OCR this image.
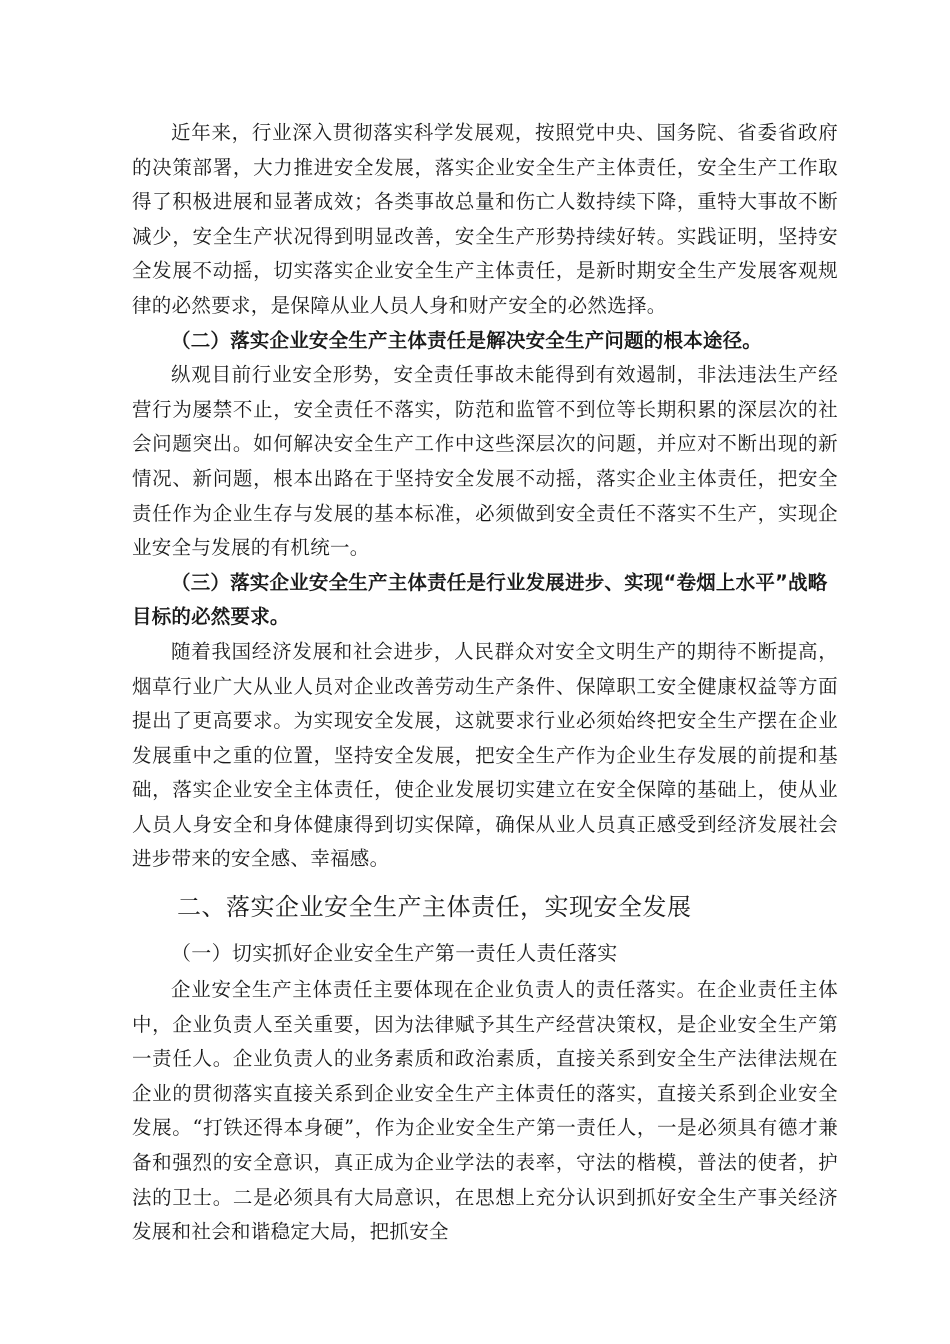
近年来，行业深入贯彻落实科学发展观，按照党中央、国务院、省委省政府的决策部署，大力推进安全发展，落实企业安全生产主体责任，安全生产工作取得了积极进展和显著成效；各类事故总量和伤亡人数持续下降，重特大事故不断减少，安全生产状况得到明显改善，安全生产形势持续好转。实践证明，坚持安全发展不动摇，切实落实企业安全生产主体责任，是新时期安全生产发展客观规律的必然要求，是保障从业人员人身和财产安全的必然选择。

（二）落实企业安全生产主体责任是解决安全生产问题的根本途径。

纵观目前行业安全形势，安全责任事故未能得到有效遏制，非法违法生产经营行为屡禁不止，安全责任不落实，防范和监管不到位等长期积累的深层次的社会问题突出。如何解决安全生产工作中这些深层次的问题，并应对不断出现的新情况、新问题，根本出路在于坚持安全发展不动摇，落实企业主体责任，把安全责任作为企业生存与发展的基本标准，必须做到安全责任不落实不生产，实现企业安全与发展的有机统一。

（三）落实企业安全生产主体责任是行业发展进步、实现“卷烟上水平”战略目标的必然要求。

随着我国经济发展和社会进步，人民群众对安全文明生产的期待不断提高，烟草行业广大从业人员对企业改善劳动生产条件、保障职工安全健康权益等方面提出了更高要求。为实现安全发展，这就要求行业必须始终把安全生产摆在企业发展重中之重的位置，坚持安全发展，把安全生产作为企业生存发展的前提和基础，落实企业安全主体责任，使企业发展切实建立在安全保障的基础上，使从业人员人身安全和身体健康得到切实保障，确保从业人员真正感受到经济发展社会进步带来的安全感、幸福感。

二、落实企业安全生产主体责任，实现安全发展

（一）切实抓好企业安全生产第一责任人责任落实

企业安全生产主体责任主要体现在企业负责人的责任落实。在企业责任主体中，企业负责人至关重要，因为法律赋予其生产经营决策权，是企业安全生产第一责任人。企业负责人的业务素质和政治素质，直接关系到安全生产法律法规在企业的贯彻落实直接关系到企业安全生产主体责任的落实，直接关系到企业安全发展。“打铁还得本身硬”，作为企业安全生产第一责任人，一是必须具有德才兼备和强烈的安全意识，真正成为企业学法的表率，守法的楷模，普法的使者，护法的卫士。二是必须具有大局意识，在思想上充分认识到抓好安全生产事关经济发展和社会和谐稳定大局，把抓安全
